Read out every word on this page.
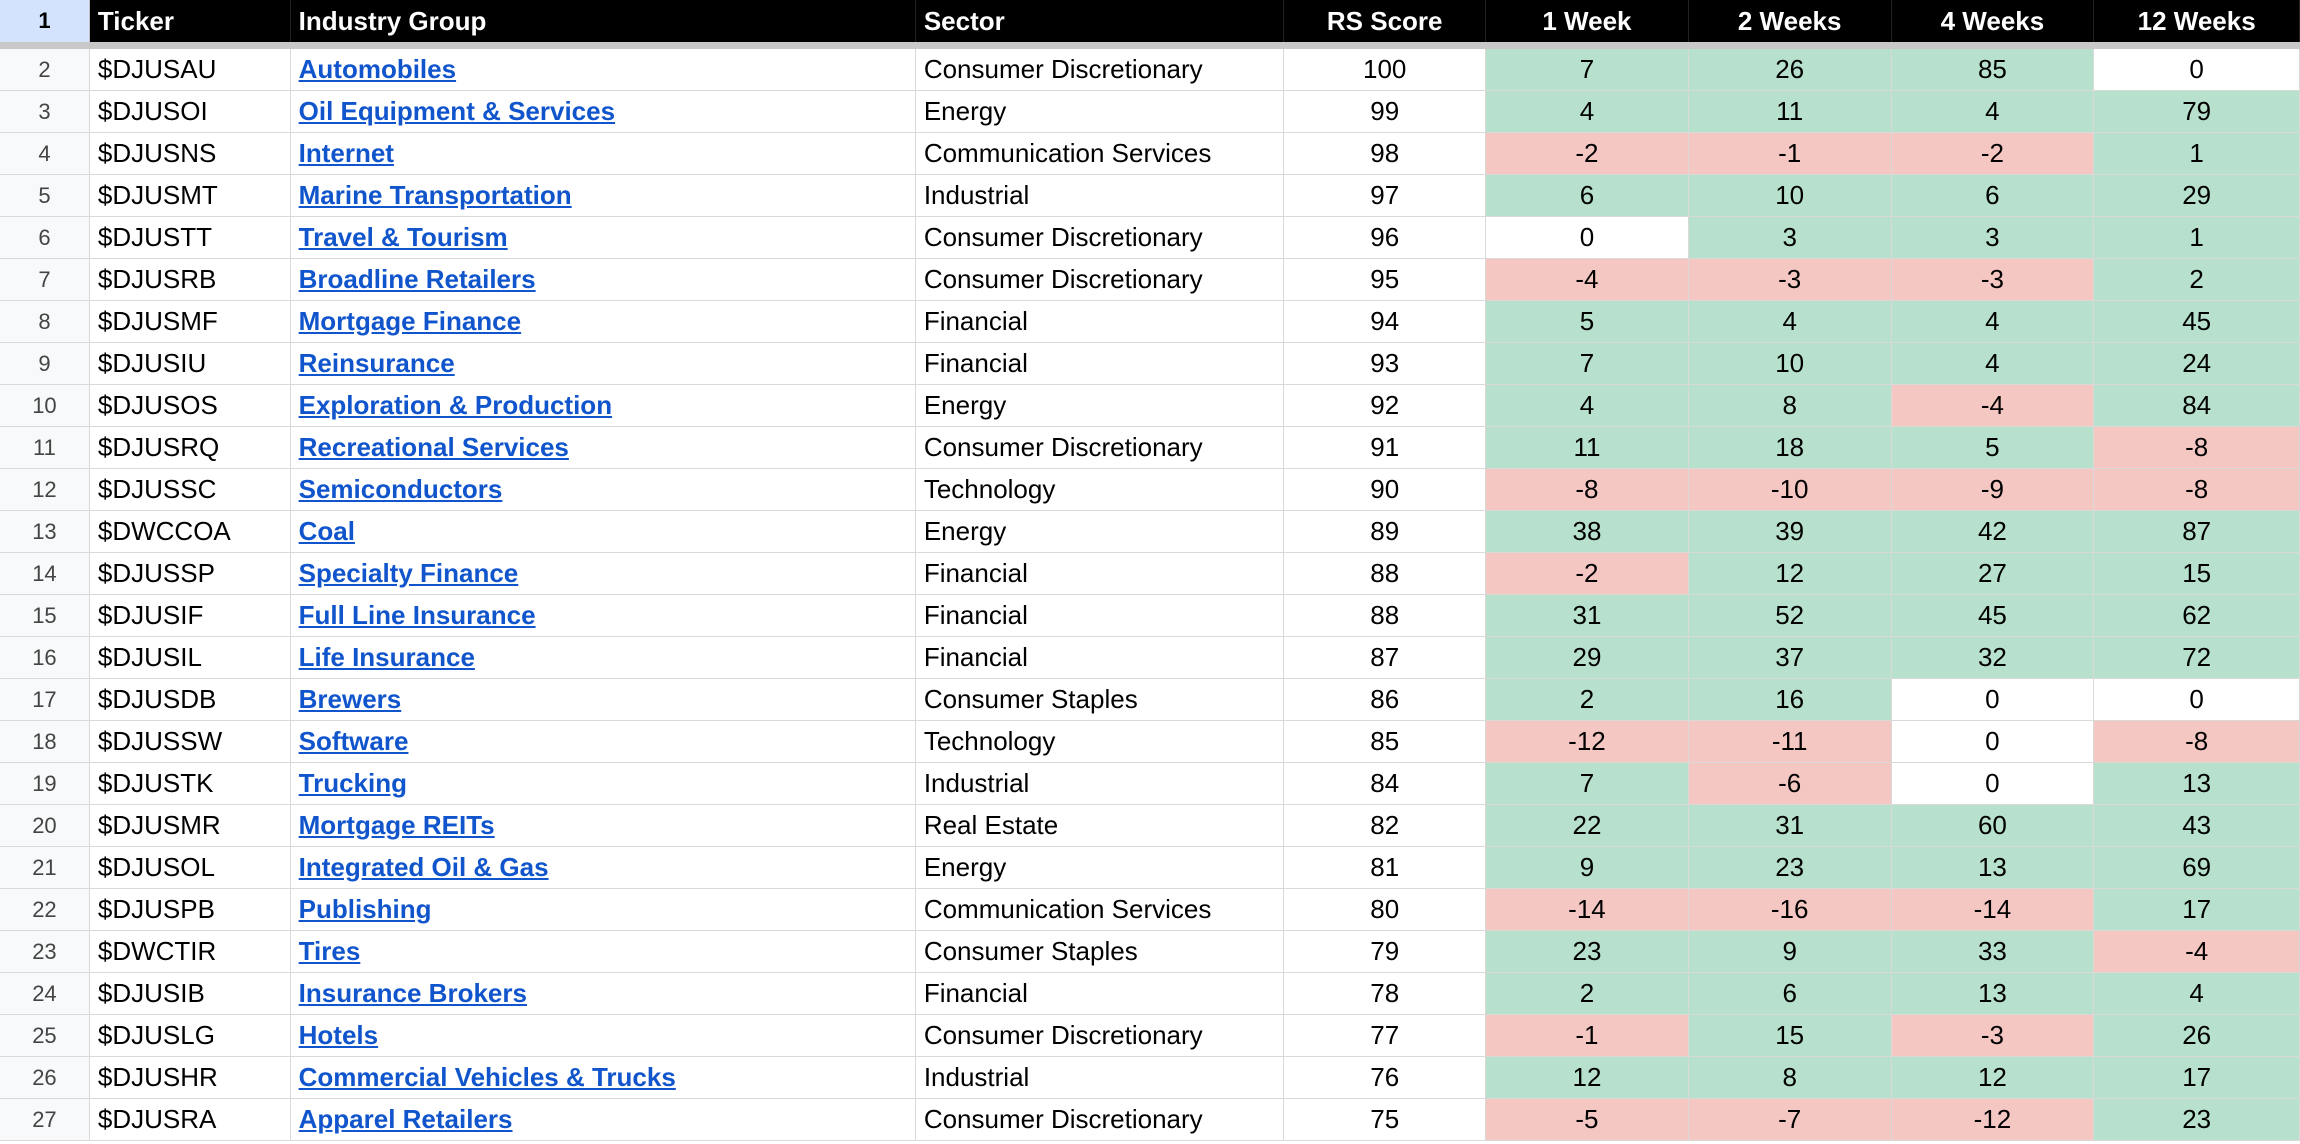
1	Ticker	Industry Group	Sector	RS Score	1 Week	2 Weeks	4 Weeks	12 Weeks
2	$DJUSAU	Automobiles	Consumer Discretionary	100	7	26	85	0
3	$DJUSOI	Oil Equipment & Services	Energy	99	4	11	4	79
4	$DJUSNS	Internet	Communication Services	98	-2	-1	-2	1
5	$DJUSMT	Marine Transportation	Industrial	97	6	10	6	29
6	$DJUSTT	Travel & Tourism	Consumer Discretionary	96	0	3	3	1
7	$DJUSRB	Broadline Retailers	Consumer Discretionary	95	-4	-3	-3	2
8	$DJUSMF	Mortgage Finance	Financial	94	5	4	4	45
9	$DJUSIU	Reinsurance	Financial	93	7	10	4	24
10	$DJUSOS	Exploration & Production	Energy	92	4	8	-4	84
11	$DJUSRQ	Recreational Services	Consumer Discretionary	91	11	18	5	-8
12	$DJUSSC	Semiconductors	Technology	90	-8	-10	-9	-8
13	$DWCCOA	Coal	Energy	89	38	39	42	87
14	$DJUSSP	Specialty Finance	Financial	88	-2	12	27	15
15	$DJUSIF	Full Line Insurance	Financial	88	31	52	45	62
16	$DJUSIL	Life Insurance	Financial	87	29	37	32	72
17	$DJUSDB	Brewers	Consumer Staples	86	2	16	0	0
18	$DJUSSW	Software	Technology	85	-12	-11	0	-8
19	$DJUSTK	Trucking	Industrial	84	7	-6	0	13
20	$DJUSMR	Mortgage REITs	Real Estate	82	22	31	60	43
21	$DJUSOL	Integrated Oil & Gas	Energy	81	9	23	13	69
22	$DJUSPB	Publishing	Communication Services	80	-14	-16	-14	17
23	$DWCTIR	Tires	Consumer Staples	79	23	9	33	-4
24	$DJUSIB	Insurance Brokers	Financial	78	2	6	13	4
25	$DJUSLG	Hotels	Consumer Discretionary	77	-1	15	-3	26
26	$DJUSHR	Commercial Vehicles & Trucks	Industrial	76	12	8	12	17
27	$DJUSRA	Apparel Retailers	Consumer Discretionary	75	-5	-7	-12	23
